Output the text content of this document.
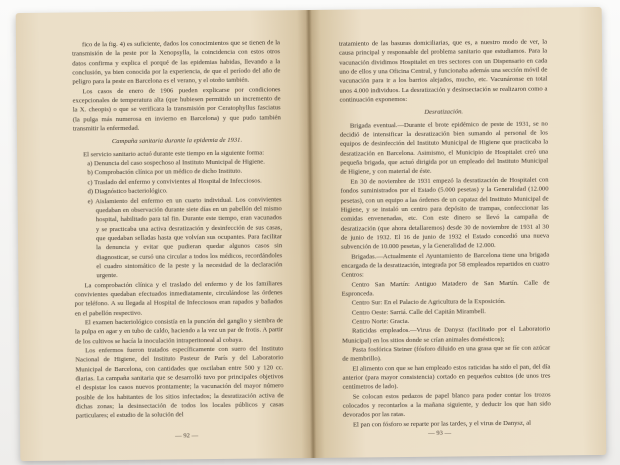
fico de la fig. 4) es suficiente, dados los conocimientos que se tienen de la transmisión de la peste por la Xenopsylla, la coincidencia con estos otros datos confirma y explica el porqué de las epidemias habidas, llevando a la conclusión, ya bien conocida por la experiencia, de que el período del año de peligro para la peste en Barcelona es el verano, y el otoño también.

Los casos de enero de 1906 pueden explicarse por condiciones excepcionales de temperatura alta (que hubiesen permitido un incremento de la X. cheopis) o que se verificara la transmisión por Ceratophyllus fasciatus (la pulga más numerosa en invierno en Barcelona) y que pudo también transmitir la enfermedad.

Campaña sanitaria durante la epidemia de 1931.

El servicio sanitario actuó durante este tiempo en la siguiente forma:

a) Denuncia del caso sospechoso al Instituto Municipal de Higiene.

b) Comprobación clínica por un médico de dicho Instituto.

c) Traslado del enfermo y convivientes al Hospital de Infecciosos.

d) Diagnóstico bacteriológico.

e) Aislamiento del enfermo en un cuarto individual. Los convivientes quedaban en observación durante siete días en un pabellón del mismo hospital, habilitado para tal fin. Durante este tiempo, eran vacunados y se practicaba una activa desratización y desinfección de sus casas, que quedaban selladas hasta que volvían sus ocupantes. Para facilitar la denuncia y evitar que pudieran quedar algunos casos sin diagnosticar, se cursó una circular a todos los médicos, recordándoles el cuadro sintomático de la peste y la necesidad de la declaración urgente.

La comprobación clínica y el traslado del enfermo y de los familiares convivientes quedaban efectuados inmediatamente, circulándose las órdenes por teléfono. A su llegada al Hospital de Infecciosos eran rapados y bañados en el pabellón respectivo.

El examen bacteriológico consistía en la punción del ganglio y siembra de la pulpa en agar y en tubo de caldo, haciendo a la vez un par de frotis. A partir de los cultivos se hacía la inoculación intraperitoneal al cobaya.

Los enfermos fueron tratados específicamente con suero del Instituto Nacional de Higiene, del Instituto Pasteur de París y del Laboratorio Municipal de Barcelona, con cantidades que oscilaban entre 500 y 120 cc. diarias. La campaña sanitaria que se desarrolló tuvo por principales objetivos el despistar los casos nuevos prontamente; la vacunación del mayor número posible de los habitantes de los sitios infectados; la desratización activa de dichas zonas; la desinsectación de todos los locales públicos y casas particulares; el estudio de la solución del

— 92 —

tratamiento de las basuras domiciliarias, que es, a nuestro modo de ver, la causa principal y responsable del problema sanitario que estudiamos. Para la vacunación dividimos Hospitalet en tres sectores con un Dispensario en cada uno de ellos y una Oficina Central, y funcionaba además una sección móvil de vacunación para ir a los barrios alejados, mucho, etc. Vacunáronse en total unos 4.000 individuos. La desratización y desinsectación se realizaron como a continuación exponemos:

Desratización.

Brigada eventual.—Durante el brote epidémico de peste de 1931, se no decidió de intensificar la desratización bien sumando al personal de los equipos de desinfección del Instituto Municipal de Higiene que practicaba la desratización en Barcelona. Asimismo, el Municipio de Hospitalet creó una pequeña brigada, que actuó dirigida por un empleado del Instituto Municipal de Higiene, y con material de éste.

En 30 de noviembre de 1931 empezó la desratización de Hospitalet con fondos suministrados por el Estado (5.000 pesetas) y la Generalidad (12.000 pesetas), con un equipo a las órdenes de un capataz del Instituto Municipal de Higiene, y se instaló un centro para depósito de trampas, confeccionar las comidas envenenadas, etc. Con este dinero se llevó la campaña de desratización (que ahora detallaremos) desde 30 de noviembre de 1931 al 30 de junio de 1932. El 16 de junio de 1932 el Estado concedió una nueva subvención de 10.000 pesetas, y la Generalidad de 12.000.

Brigadas.—Actualmente el Ayuntamiento de Barcelona tiene una brigada encargada de la desratización, integrada por 58 empleados repartidos en cuatro Centros:

Centro San Martín: Antiguo Matadero de San Martín. Calle de Espronceda.

Centro Sur: En el Palacio de Agricultura de la Exposición.

Centro Oeste: Sarriá. Calle del Capitán Mirambell.

Centro Norte: Gracia.

Raticidas empleados.—Virus de Danysz (facilitado por el Laboratorio Municipal) en los sitios donde se crían animales domésticos);

Pasta fosfórica Steiner (fósforo diluido en una grasa que se fíe con azúcar de membrillo).

El alimento con que se han empleado estos raticidas ha sido el pan, del día anterior (para mayor consistencia) cortado en pequeños cubitos (de unos tres centímetros de lado).

Se colocan estos pedazos de papel blanco para poder contar los trozos colocados y recontarlos a la mañana siguiente, y deducir los que han sido devorados por las ratas.

El pan con fósforo se reparte por las tardes, y el virus de Danysz, al

— 93 —
